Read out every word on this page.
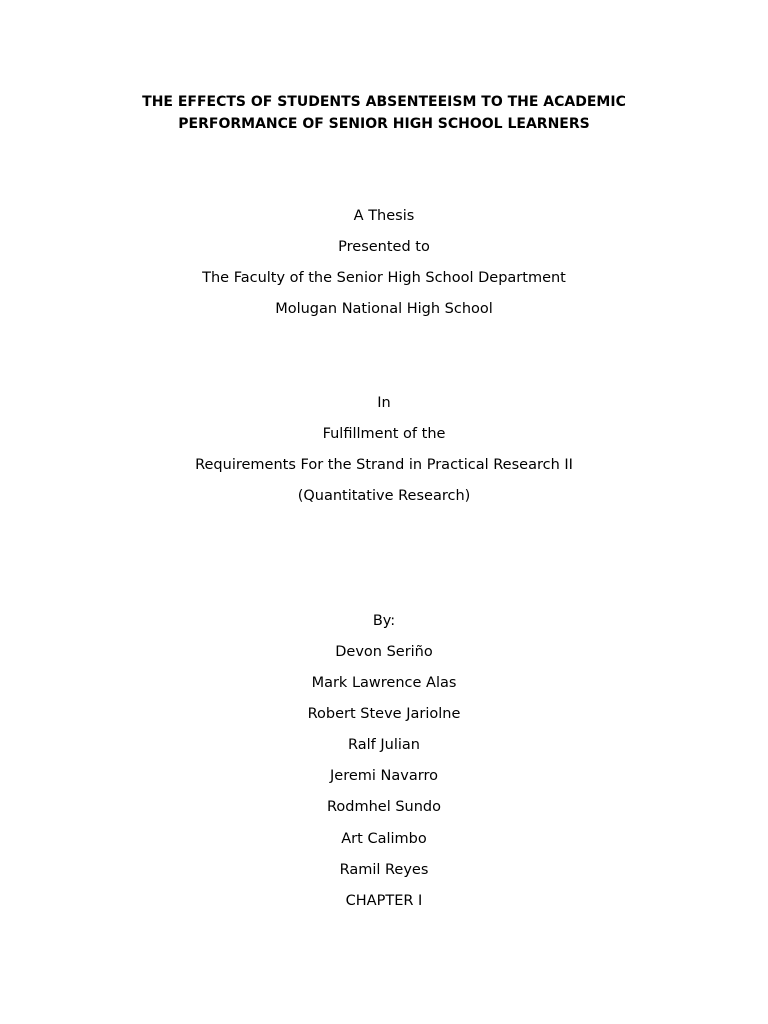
THE EFFECTS OF STUDENTS ABSENTEEISM TO THE ACADEMIC
PERFORMANCE OF SENIOR HIGH SCHOOL LEARNERS
A Thesis
Presented to
The Faculty of the Senior High School Department
Molugan National High School
In
Fulfillment of the
Requirements For the Strand in Practical Research II
(Quantitative Research)
By:
Devon Seriño
Mark Lawrence Alas
Robert Steve Jariolne
Ralf Julian
Jeremi Navarro
Rodmhel Sundo
Art Calimbo
Ramil Reyes
CHAPTER I
